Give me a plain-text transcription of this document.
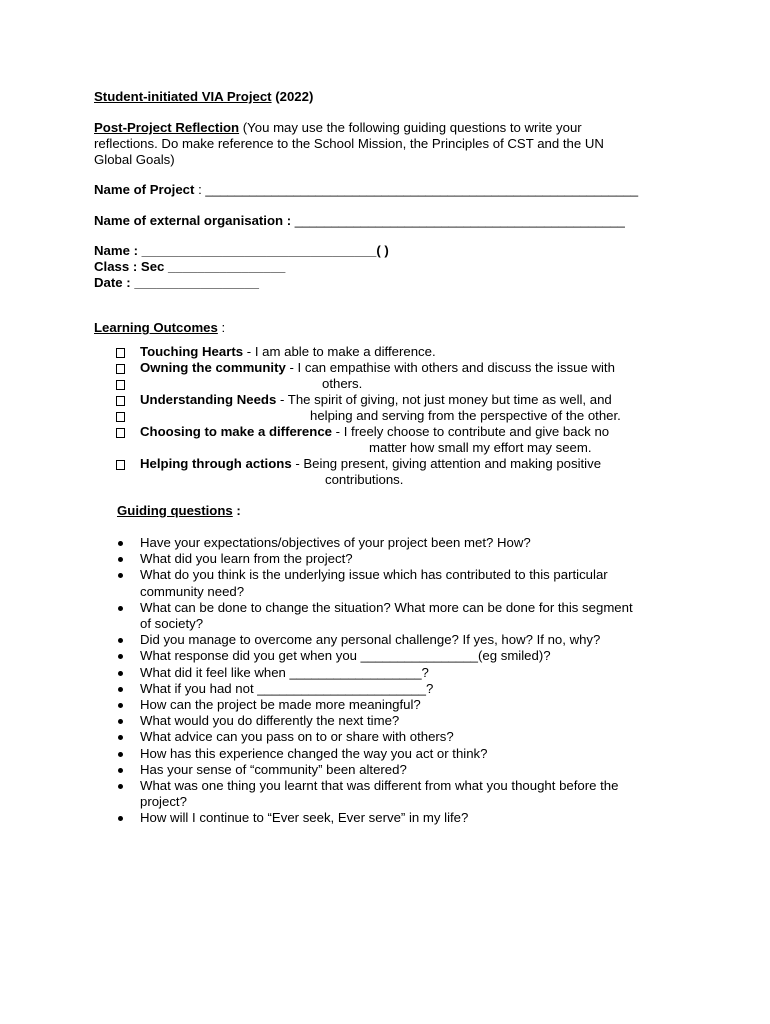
Student-initiated VIA Project (2022)
Post-Project Reflection (You may use the following guiding questions to write your
reflections. Do make reference to the School Mission, the Principles of CST and the UN
Global Goals)
Name of Project : ___________________________________________________________
Name of external organisation : _____________________________________________
Name : ________________________________( )
Class : Sec ________________
Date : _________________
Learning Outcomes :
Touching Hearts - I am able to make a difference.
Owning the community - I can empathise with others and discuss the issue with
others.
Understanding Needs - The spirit of giving, not just money but time as well, and
helping and serving from the perspective of the other.
Choosing to make a difference - I freely choose to contribute and give back no
matter how small my effort may seem.
Helping through actions - Being present, giving attention and making positive
contributions.
Guiding questions :
Have your expectations/objectives of your project been met? How?
What did you learn from the project?
What do you think is the underlying issue which has contributed to this particular
community need?
What can be done to change the situation? What more can be done for this segment
of society?
Did you manage to overcome any personal challenge? If yes, how? If no, why?
What response did you get when you ________________(eg smiled)?
What did it feel like when __________________?
What if you had not _______________________?
How can the project be made more meaningful?
What would you do differently the next time?
What advice can you pass on to or share with others?
How has this experience changed the way you act or think?
Has your sense of “community” been altered?
What was one thing you learnt that was different from what you thought before the
project?
How will I continue to “Ever seek, Ever serve” in my life?
